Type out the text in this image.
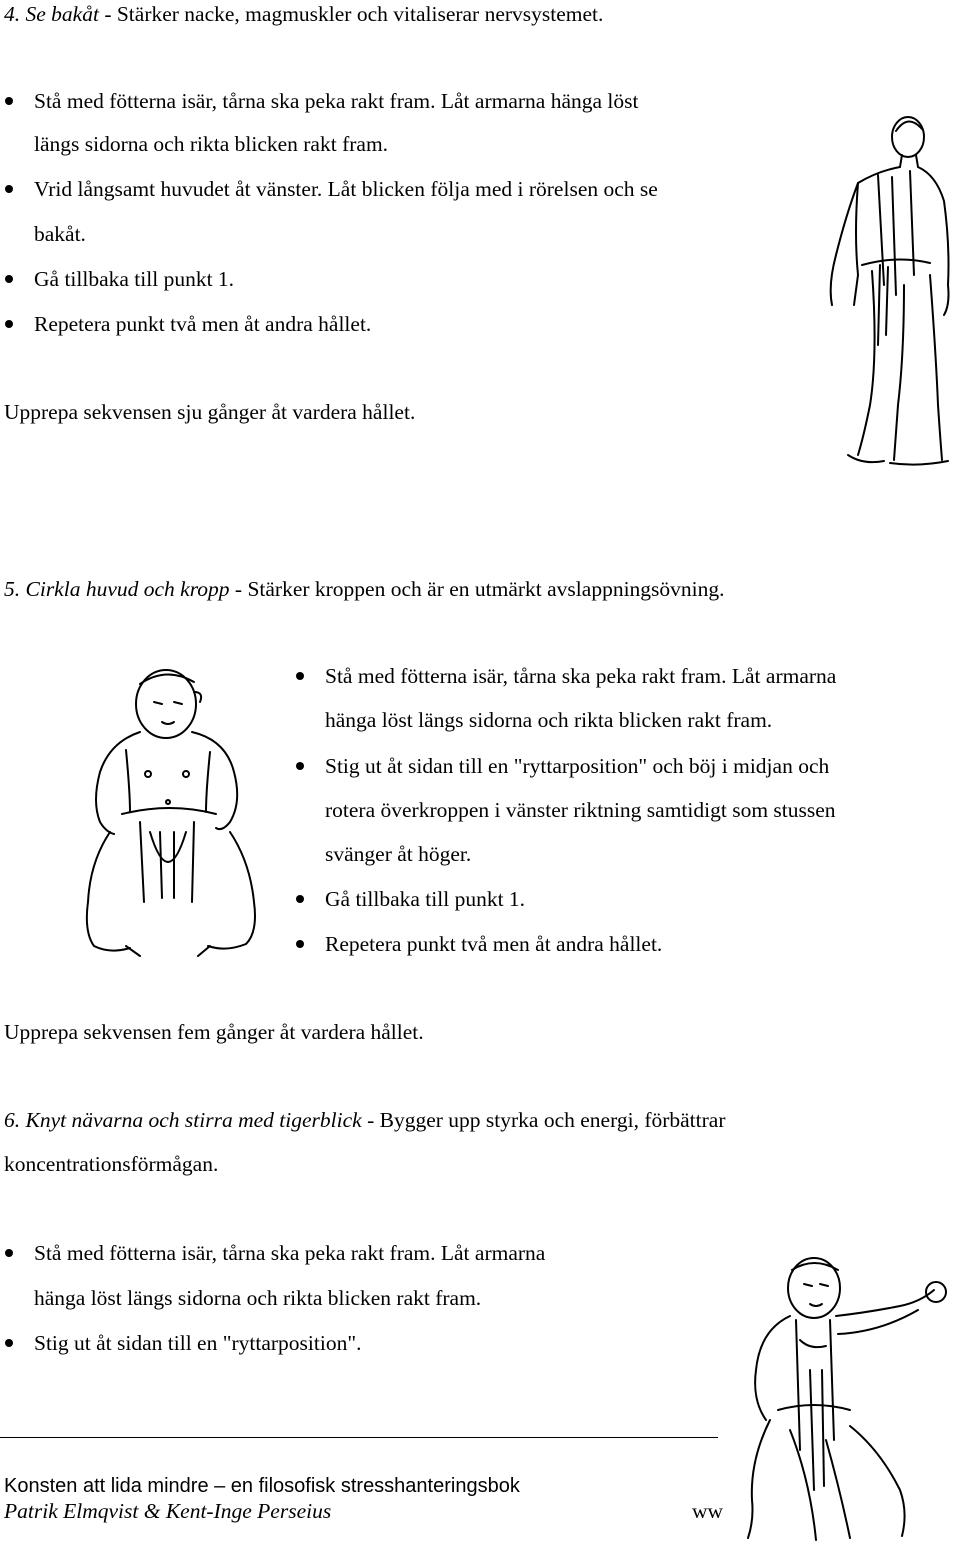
4. Se bakåt - Stärker nacke, magmuskler och vitaliserar nervsystemet.
Stå med fötterna isär, tårna ska peka rakt fram. Låt armarna hänga löst
längs sidorna och rikta blicken rakt fram.
Vrid långsamt huvudet åt vänster. Låt blicken följa med i rörelsen och se
bakåt.
Gå tillbaka till punkt 1.
Repetera punkt två men åt andra hållet.
Upprepa sekvensen sju gånger åt vardera hållet.
5. Cirkla huvud och kropp - Stärker kroppen och är en utmärkt avslappningsövning.
Stå med fötterna isär, tårna ska peka rakt fram. Låt armarna
hänga löst längs sidorna och rikta blicken rakt fram.
Stig ut åt sidan till en "ryttarposition" och böj i midjan och
rotera överkroppen i vänster riktning samtidigt som stussen
svänger åt höger.
Gå tillbaka till punkt 1.
Repetera punkt två men åt andra hållet.
Upprepa sekvensen fem gånger åt vardera hållet.
6. Knyt nävarna och stirra med tigerblick - Bygger upp styrka och energi, förbättrar
koncentrationsförmågan.
Stå med fötterna isär, tårna ska peka rakt fram. Låt armarna
hänga löst längs sidorna och rikta blicken rakt fram.
Stig ut åt sidan till en "ryttarposition".
Konsten att lida mindre – en filosofisk stresshanteringsbok
Patrik Elmqvist & Kent-Inge Perseius	ww
